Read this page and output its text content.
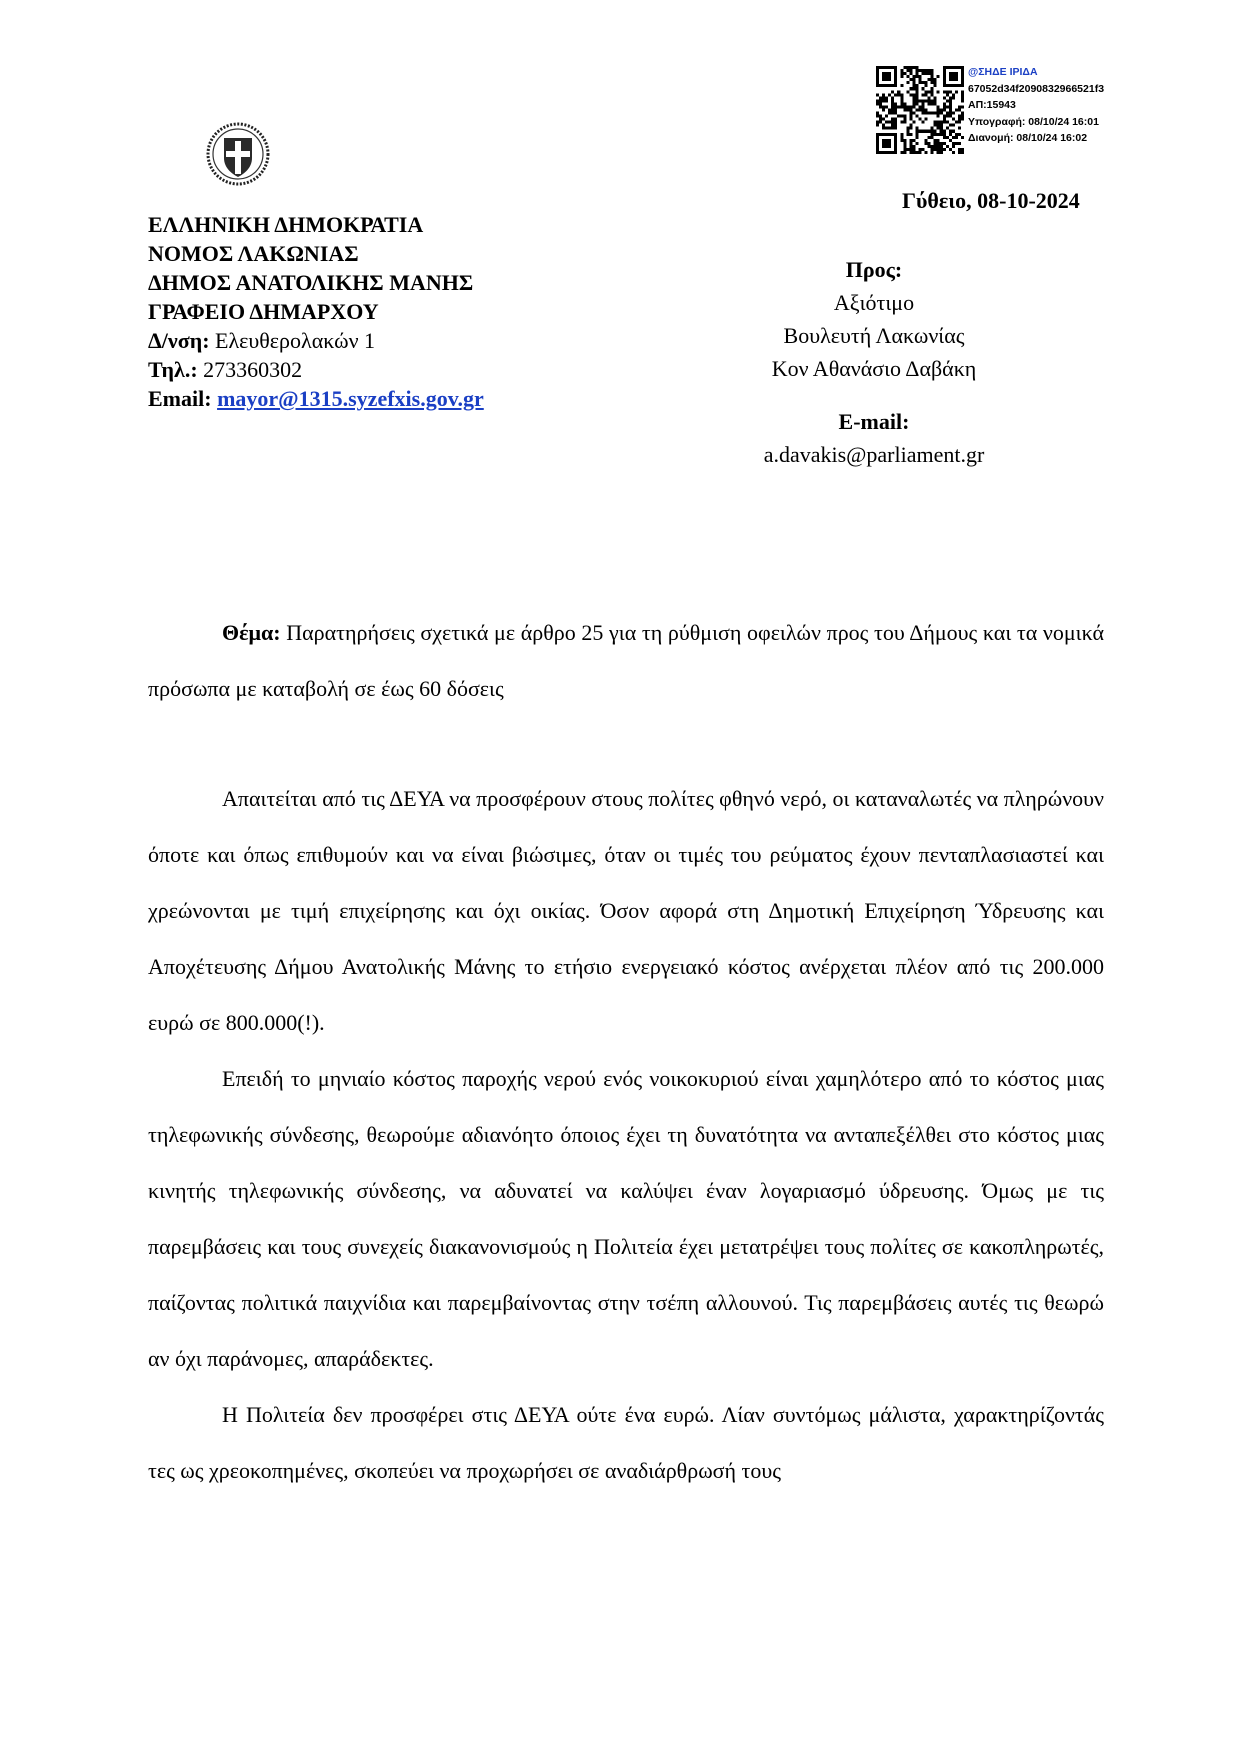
@ΣΗΔΕ ΙΡΙΔΑ
67052d34f2090832966521f3
ΑΠ:15943
Υπογραφή: 08/10/24 16:01
Διανομή: 08/10/24 16:02
ΕΛΛΗΝΙΚΗ ΔΗΜΟΚΡΑΤΙΑ
ΝΟΜΟΣ ΛΑΚΩΝΙΑΣ
ΔΗΜΟΣ ΑΝΑΤΟΛΙΚΗΣ ΜΑΝΗΣ
ΓΡΑΦΕΙΟ ΔΗΜΑΡΧΟΥ
Δ/νση: Ελευθερολακών 1
Τηλ.: 273360302
Email: mayor@1315.syzefxis.gov.gr
Γύθειο, 08-10-2024
Προς:
Αξιότιμο
Βουλευτή Λακωνίας
Κον Αθανάσιο Δαβάκη
E-mail:
a.davakis@parliament.gr

Θέμα: Παρατηρήσεις σχετικά με άρθρο 25 για τη ρύθμιση οφειλών προς του Δήμους και τα νομικά πρόσωπα με καταβολή σε έως 60 δόσεις

Απαιτείται από τις ΔΕΥΑ να προσφέρουν στους πολίτες φθηνό νερό, οι καταναλωτές να πληρώνουν όποτε και όπως επιθυμούν και να είναι βιώσιμες, όταν οι τιμές του ρεύματος έχουν πενταπλασιαστεί και χρεώνονται με τιμή επιχείρησης και όχι οικίας. Όσον αφορά στη Δημοτική Επιχείρηση Ύδρευσης και Αποχέτευσης Δήμου Ανατολικής Μάνης το ετήσιο ενεργειακό κόστος ανέρχεται πλέον από τις 200.000 ευρώ σε 800.000(!).

Επειδή το μηνιαίο κόστος παροχής νερού ενός νοικοκυριού είναι χαμηλότερο από το κόστος μιας τηλεφωνικής σύνδεσης, θεωρούμε αδιανόητο όποιος έχει τη δυνατότητα να ανταπεξέλθει στο κόστος μιας κινητής τηλεφωνικής σύνδεσης, να αδυνατεί να καλύψει έναν λογαριασμό ύδρευσης. Όμως με τις παρεμβάσεις και τους συνεχείς διακανονισμούς η Πολιτεία έχει μετατρέψει τους πολίτες σε κακοπληρωτές, παίζοντας πολιτικά παιχνίδια και παρεμβαίνοντας στην τσέπη αλλουνού. Τις παρεμβάσεις αυτές τις θεωρώ αν όχι παράνομες, απαράδεκτες.

Η Πολιτεία δεν προσφέρει στις ΔΕΥΑ ούτε ένα ευρώ. Λίαν συντόμως μάλιστα, χαρακτηρίζοντάς τες ως χρεοκοπημένες, σκοπεύει να προχωρήσει σε αναδιάρθρωσή τους
